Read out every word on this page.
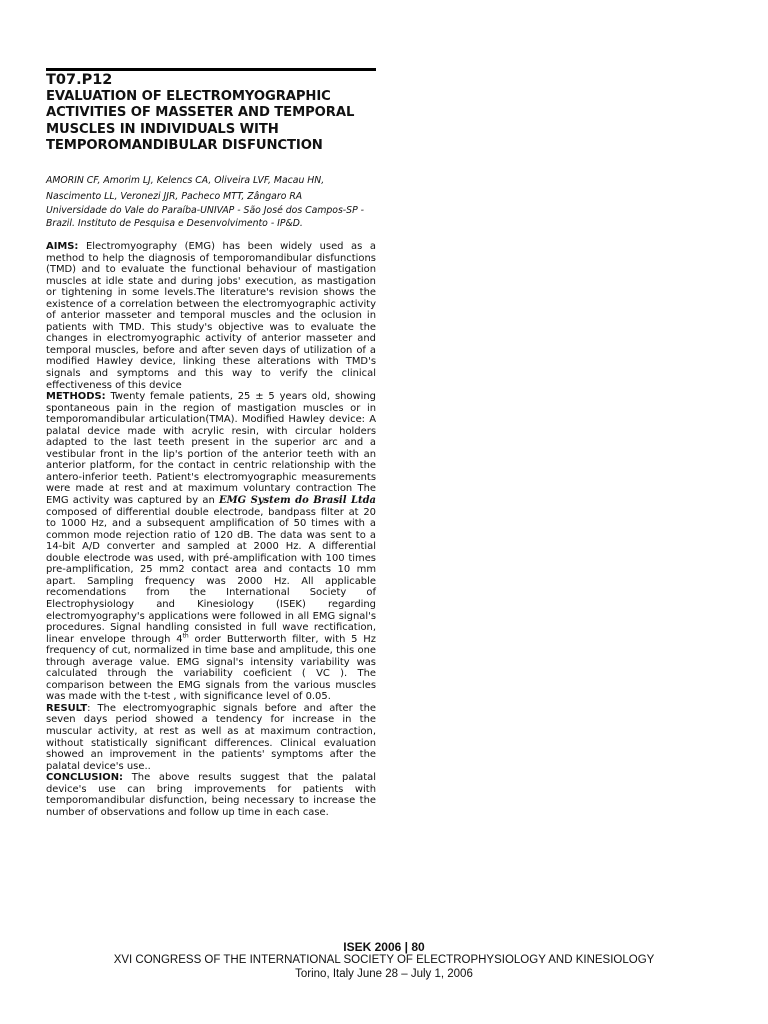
T07.P12
EVALUATION OF ELECTROMYOGRAPHIC ACTIVITIES OF MASSETER AND TEMPORAL MUSCLES IN INDIVIDUALS WITH TEMPOROMANDIBULAR DISFUNCTION
AMORIN CF, Amorim LJ, Kelencs CA, Oliveira LVF, Macau HN, Nascimento LL, Veronezi JJR, Pacheco MTT, Zângaro RA
Universidade do Vale do Paraíba-UNIVAP - São José dos Campos-SP - Brazil. Instituto de Pesquisa e Desenvolvimento - IP&D.

AIMS: Electromyography (EMG) has been widely used as a method to help the diagnosis of temporomandibular disfunctions (TMD) and to evaluate the functional behaviour of mastigation muscles at idle state and during jobs' execution, as mastigation or tightening in some levels.The literature's revision shows the existence of a correlation between the electromyographic activity of anterior masseter and temporal muscles and the oclusion in patients with TMD. This study's objective was to evaluate the changes in electromyographic activity of anterior masseter and temporal muscles, before and after seven days of utilization of a modified Hawley device, linking these alterations with TMD's signals and symptoms and this way to verify the clinical effectiveness of this device

METHODS: Twenty female patients, 25 ± 5 years old, showing spontaneous pain in the region of mastigation muscles or in temporomandibular articulation(TMA). Modified Hawley device: A palatal device made with acrylic resin, with circular holders adapted to the last teeth present in the superior arc and a vestibular front in the lip's portion of the anterior teeth with an anterior platform, for the contact in centric relationship with the antero-inferior teeth. Patient's electromyographic measurements were made at rest and at maximum voluntary contraction The EMG activity was captured by an EMG System do Brasil Ltda composed of differential double electrode, bandpass filter at 20 to 1000 Hz, and a subsequent amplification of 50 times with a common mode rejection ratio of 120 dB. The data was sent to a 14-bit A/D converter and sampled at 2000 Hz. A differential double electrode was used, with pré-amplification with 100 times pre-amplification, 25 mm2 contact area and contacts 10 mm apart. Sampling frequency was 2000 Hz. All applicable recomendations from the International Society of Electrophysiology and Kinesiology (ISEK) regarding electromyography's applications were followed in all EMG signal's procedures. Signal handling consisted in full wave rectification, linear envelope through 4th order Butterworth filter, with 5 Hz frequency of cut, normalized in time base and amplitude, this one through average value. EMG signal's intensity variability was calculated through the variability coeficient ( VC ). The comparison between the EMG signals from the various muscles was made with the t-test , with significance level of 0.05.

RESULT: The electromyographic signals before and after the seven days period showed a tendency for increase in the muscular activity, at rest as well as at maximum contraction, without statistically significant differences. Clinical evaluation showed an improvement in the patients' symptoms after the palatal device's use..

CONCLUSION: The above results suggest that the palatal device's use can bring improvements for patients with temporomandibular disfunction, being necessary to increase the number of observations and follow up time in each case.

ISEK 2006 | 80
XVI CONGRESS OF THE INTERNATIONAL SOCIETY OF ELECTROPHYSIOLOGY AND KINESIOLOGY
Torino, Italy June 28 – July 1, 2006
